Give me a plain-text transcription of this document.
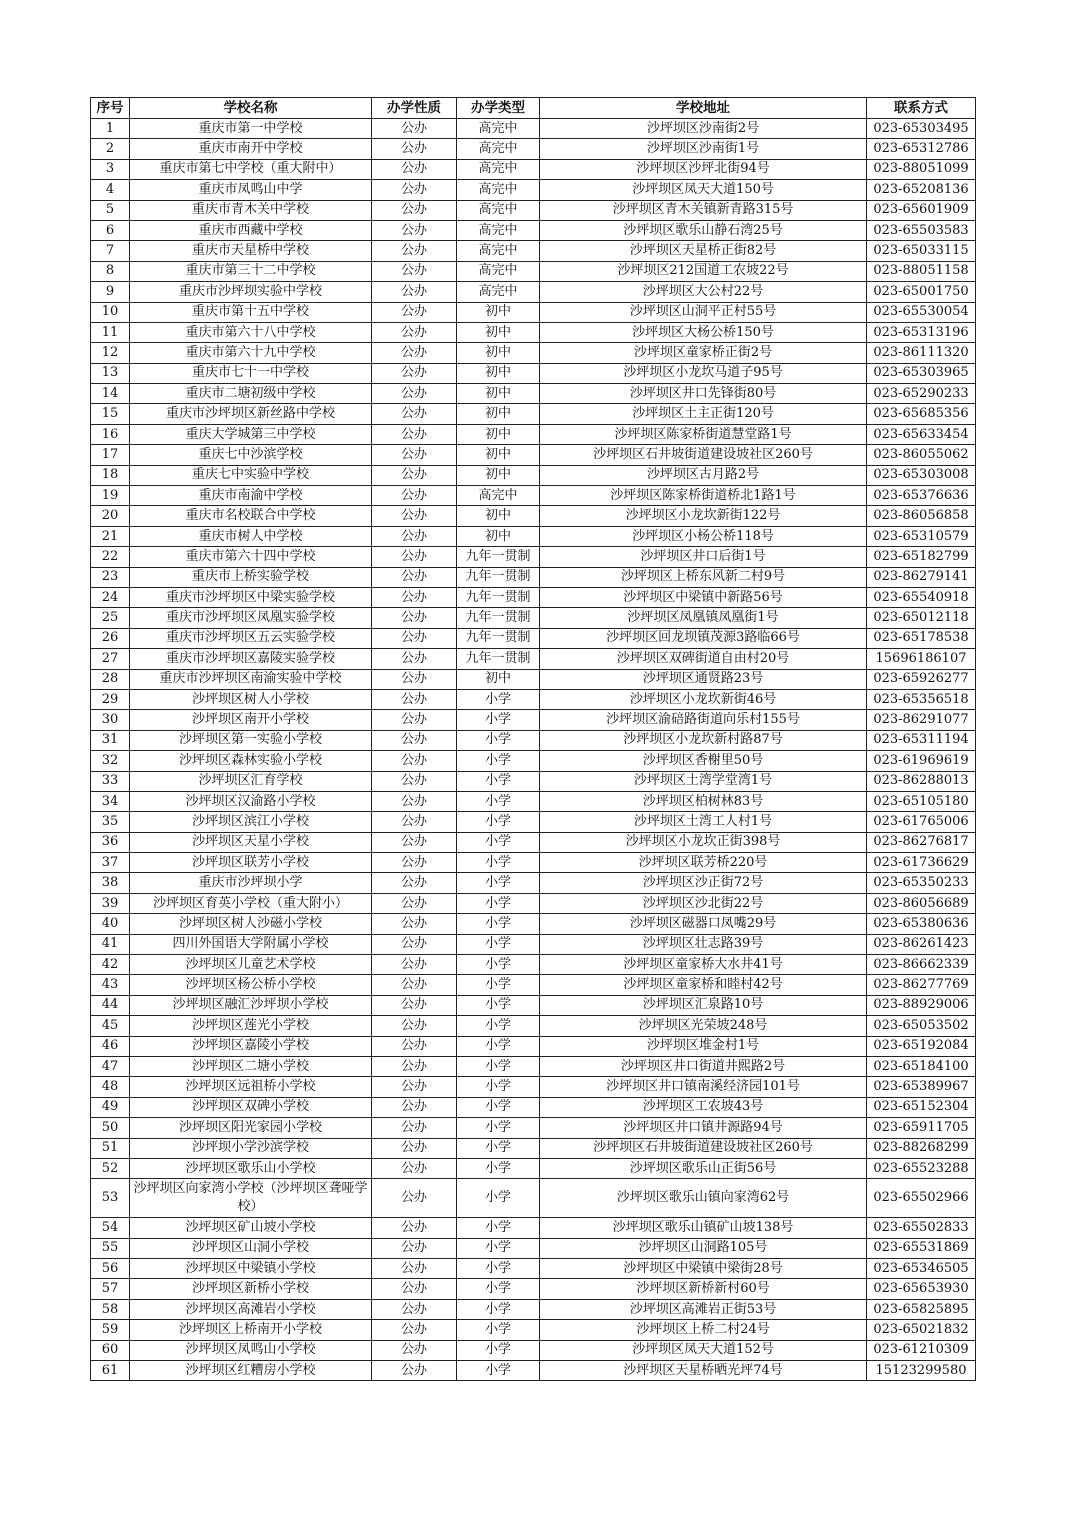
序号	学校名称	办学性质	办学类型	学校地址	联系方式
1	重庆市第一中学校	公办	高完中	沙坪坝区沙南街2号	023-65303495
2	重庆市南开中学校	公办	高完中	沙坪坝区沙南街1号	023-65312786
3	重庆市第七中学校（重大附中）	公办	高完中	沙坪坝区沙坪北街94号	023-88051099
4	重庆市凤鸣山中学	公办	高完中	沙坪坝区凤天大道150号	023-65208136
5	重庆市青木关中学校	公办	高完中	沙坪坝区青木关镇新青路315号	023-65601909
6	重庆市西藏中学校	公办	高完中	沙坪坝区歌乐山静石湾25号	023-65503583
7	重庆市天星桥中学校	公办	高完中	沙坪坝区天星桥正街82号	023-65033115
8	重庆市第三十二中学校	公办	高完中	沙坪坝区212国道工农坡22号	023-88051158
9	重庆市沙坪坝实验中学校	公办	高完中	沙坪坝区大公村22号	023-65001750
10	重庆市第十五中学校	公办	初中	沙坪坝区山洞平正村55号	023-65530054
11	重庆市第六十八中学校	公办	初中	沙坪坝区大杨公桥150号	023-65313196
12	重庆市第六十九中学校	公办	初中	沙坪坝区童家桥正街2号	023-86111320
13	重庆市七十一中学校	公办	初中	沙坪坝区小龙坎马道子95号	023-65303965
14	重庆市二塘初级中学校	公办	初中	沙坪坝区井口先锋街80号	023-65290233
15	重庆市沙坪坝区新丝路中学校	公办	初中	沙坪坝区土主正街120号	023-65685356
16	重庆大学城第三中学校	公办	初中	沙坪坝区陈家桥街道慧堂路1号	023-65633454
17	重庆七中沙滨学校	公办	初中	沙坪坝区石井坡街道建设坡社区260号	023-86055062
18	重庆七中实验中学校	公办	初中	沙坪坝区古月路2号	023-65303008
19	重庆市南渝中学校	公办	高完中	沙坪坝区陈家桥街道桥北1路1号	023-65376636
20	重庆市名校联合中学校	公办	初中	沙坪坝区小龙坎新街122号	023-86056858
21	重庆市树人中学校	公办	初中	沙坪坝区小杨公桥118号	023-65310579
22	重庆市第六十四中学校	公办	九年一贯制	沙坪坝区井口后街1号	023-65182799
23	重庆市上桥实验学校	公办	九年一贯制	沙坪坝区上桥东风新二村9号	023-86279141
24	重庆市沙坪坝区中梁实验学校	公办	九年一贯制	沙坪坝区中梁镇中新路56号	023-65540918
25	重庆市沙坪坝区凤凰实验学校	公办	九年一贯制	沙坪坝区凤凰镇凤凰街1号	023-65012118
26	重庆市沙坪坝区五云实验学校	公办	九年一贯制	沙坪坝区回龙坝镇茂源3路临66号	023-65178538
27	重庆市沙坪坝区嘉陵实验学校	公办	九年一贯制	沙坪坝区双碑街道自由村20号	15696186107
28	重庆市沙坪坝区南渝实验中学校	公办	初中	沙坪坝区通贤路23号	023-65926277
29	沙坪坝区树人小学校	公办	小学	沙坪坝区小龙坎新街46号	023-65356518
30	沙坪坝区南开小学校	公办	小学	沙坪坝区渝碚路街道向乐村155号	023-86291077
31	沙坪坝区第一实验小学校	公办	小学	沙坪坝区小龙坎新村路87号	023-65311194
32	沙坪坝区森林实验小学校	公办	小学	沙坪坝区香榭里50号	023-61969619
33	沙坪坝区汇育学校	公办	小学	沙坪坝区土湾学堂湾1号	023-86288013
34	沙坪坝区汉渝路小学校	公办	小学	沙坪坝区柏树林83号	023-65105180
35	沙坪坝区滨江小学校	公办	小学	沙坪坝区土湾工人村1号	023-61765006
36	沙坪坝区天星小学校	公办	小学	沙坪坝区小龙坎正街398号	023-86276817
37	沙坪坝区联芳小学校	公办	小学	沙坪坝区联芳桥220号	023-61736629
38	重庆市沙坪坝小学	公办	小学	沙坪坝区沙正街72号	023-65350233
39	沙坪坝区育英小学校（重大附小）	公办	小学	沙坪坝区沙北街22号	023-86056689
40	沙坪坝区树人沙磁小学校	公办	小学	沙坪坝区磁器口凤嘴29号	023-65380636
41	四川外国语大学附属小学校	公办	小学	沙坪坝区壮志路39号	023-86261423
42	沙坪坝区儿童艺术学校	公办	小学	沙坪坝区童家桥大水井41号	023-86662339
43	沙坪坝区杨公桥小学校	公办	小学	沙坪坝区童家桥和睦村42号	023-86277769
44	沙坪坝区融汇沙坪坝小学校	公办	小学	沙坪坝区汇泉路10号	023-88929006
45	沙坪坝区莲光小学校	公办	小学	沙坪坝区光荣坡248号	023-65053502
46	沙坪坝区嘉陵小学校	公办	小学	沙坪坝区堆金村1号	023-65192084
47	沙坪坝区二塘小学校	公办	小学	沙坪坝区井口街道井熙路2号	023-65184100
48	沙坪坝区远祖桥小学校	公办	小学	沙坪坝区井口镇南溪经济园101号	023-65389967
49	沙坪坝区双碑小学校	公办	小学	沙坪坝区工农坡43号	023-65152304
50	沙坪坝区阳光家园小学校	公办	小学	沙坪坝区井口镇井源路94号	023-65911705
51	沙坪坝小学沙滨学校	公办	小学	沙坪坝区石井坡街道建设坡社区260号	023-88268299
52	沙坪坝区歌乐山小学校	公办	小学	沙坪坝区歌乐山正街56号	023-65523288
53	沙坪坝区向家湾小学校（沙坪坝区聋哑学校）	公办	小学	沙坪坝区歌乐山镇向家湾62号	023-65502966
54	沙坪坝区矿山坡小学校	公办	小学	沙坪坝区歌乐山镇矿山坡138号	023-65502833
55	沙坪坝区山洞小学校	公办	小学	沙坪坝区山洞路105号	023-65531869
56	沙坪坝区中梁镇小学校	公办	小学	沙坪坝区中梁镇中梁街28号	023-65346505
57	沙坪坝区新桥小学校	公办	小学	沙坪坝区新桥新村60号	023-65653930
58	沙坪坝区高滩岩小学校	公办	小学	沙坪坝区高滩岩正街53号	023-65825895
59	沙坪坝区上桥南开小学校	公办	小学	沙坪坝区上桥二村24号	023-65021832
60	沙坪坝区凤鸣山小学校	公办	小学	沙坪坝区凤天大道152号	023-61210309
61	沙坪坝区红糟房小学校	公办	小学	沙坪坝区天星桥晒光坪74号	15123299580
